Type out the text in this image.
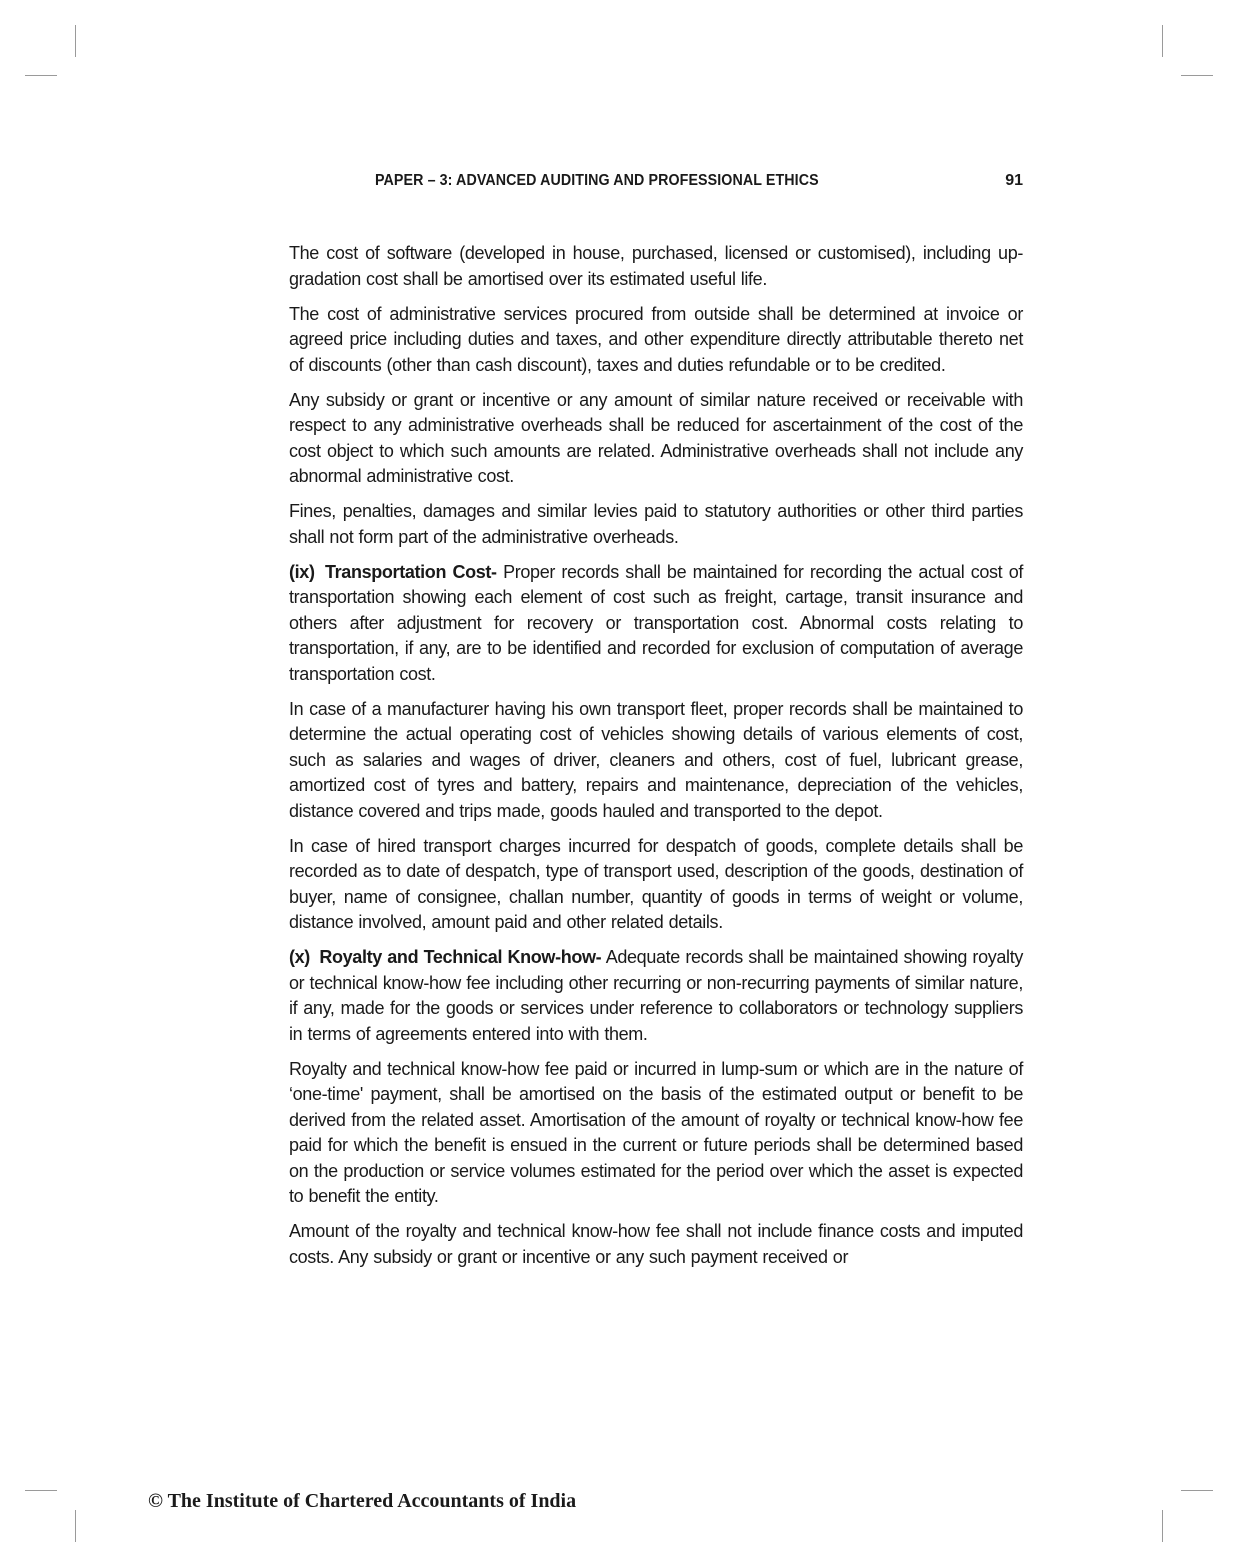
PAPER – 3: ADVANCED AUDITING AND PROFESSIONAL ETHICS	91

The cost of software (developed in house, purchased, licensed or customised), including up-gradation cost shall be amortised over its estimated useful life.

The cost of administrative services procured from outside shall be determined at invoice or agreed price including duties and taxes, and other expenditure directly attributable thereto net of discounts (other than cash discount), taxes and duties refundable or to be credited.

Any subsidy or grant or incentive or any amount of similar nature received or receivable with respect to any administrative overheads shall be reduced for ascertainment of the cost of the cost object to which such amounts are related. Administrative overheads shall not include any abnormal administrative cost.

Fines, penalties, damages and similar levies paid to statutory authorities or other third parties shall not form part of the administrative overheads.

(ix) Transportation Cost- Proper records shall be maintained for recording the actual cost of transportation showing each element of cost such as freight, cartage, transit insurance and others after adjustment for recovery or transportation cost. Abnormal costs relating to transportation, if any, are to be identified and recorded for exclusion of computation of average transportation cost.

In case of a manufacturer having his own transport fleet, proper records shall be maintained to determine the actual operating cost of vehicles showing details of various elements of cost, such as salaries and wages of driver, cleaners and others, cost of fuel, lubricant grease, amortized cost of tyres and battery, repairs and maintenance, depreciation of the vehicles, distance covered and trips made, goods hauled and transported to the depot.

In case of hired transport charges incurred for despatch of goods, complete details shall be recorded as to date of despatch, type of transport used, description of the goods, destination of buyer, name of consignee, challan number, quantity of goods in terms of weight or volume, distance involved, amount paid and other related details.

(x) Royalty and Technical Know-how- Adequate records shall be maintained showing royalty or technical know-how fee including other recurring or non-recurring payments of similar nature, if any, made for the goods or services under reference to collaborators or technology suppliers in terms of agreements entered into with them.

Royalty and technical know-how fee paid or incurred in lump-sum or which are in the nature of ‘one-time' payment, shall be amortised on the basis of the estimated output or benefit to be derived from the related asset. Amortisation of the amount of royalty or technical know-how fee paid for which the benefit is ensued in the current or future periods shall be determined based on the production or service volumes estimated for the period over which the asset is expected to benefit the entity.

Amount of the royalty and technical know-how fee shall not include finance costs and imputed costs. Any subsidy or grant or incentive or any such payment received or

© The Institute of Chartered Accountants of India
